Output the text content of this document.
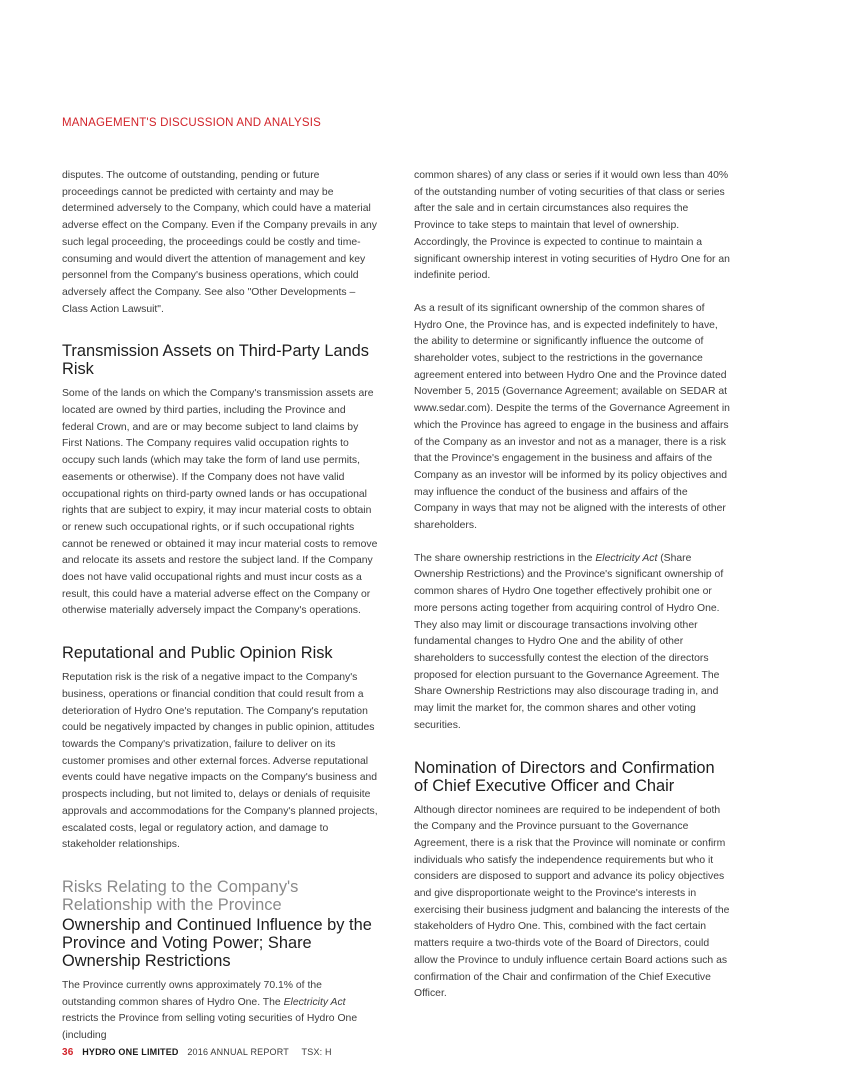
MANAGEMENT'S DISCUSSION AND ANALYSIS

disputes. The outcome of outstanding, pending or future proceedings cannot be predicted with certainty and may be determined adversely to the Company, which could have a material adverse effect on the Company. Even if the Company prevails in any such legal proceeding, the proceedings could be costly and time-consuming and would divert the attention of management and key personnel from the Company's business operations, which could adversely affect the Company. See also "Other Developments – Class Action Lawsuit".

Transmission Assets on Third-Party Lands Risk

Some of the lands on which the Company's transmission assets are located are owned by third parties, including the Province and federal Crown, and are or may become subject to land claims by First Nations. The Company requires valid occupation rights to occupy such lands (which may take the form of land use permits, easements or otherwise). If the Company does not have valid occupational rights on third-party owned lands or has occupational rights that are subject to expiry, it may incur material costs to obtain or renew such occupational rights, or if such occupational rights cannot be renewed or obtained it may incur material costs to remove and relocate its assets and restore the subject land. If the Company does not have valid occupational rights and must incur costs as a result, this could have a material adverse effect on the Company or otherwise materially adversely impact the Company's operations.

Reputational and Public Opinion Risk

Reputation risk is the risk of a negative impact to the Company's business, operations or financial condition that could result from a deterioration of Hydro One's reputation. The Company's reputation could be negatively impacted by changes in public opinion, attitudes towards the Company's privatization, failure to deliver on its customer promises and other external forces. Adverse reputational events could have negative impacts on the Company's business and prospects including, but not limited to, delays or denials of requisite approvals and accommodations for the Company's planned projects, escalated costs, legal or regulatory action, and damage to stakeholder relationships.

Risks Relating to the Company's Relationship with the Province
Ownership and Continued Influence by the Province and Voting Power; Share Ownership Restrictions

The Province currently owns approximately 70.1% of the outstanding common shares of Hydro One. The Electricity Act restricts the Province from selling voting securities of Hydro One (including

common shares) of any class or series if it would own less than 40% of the outstanding number of voting securities of that class or series after the sale and in certain circumstances also requires the Province to take steps to maintain that level of ownership. Accordingly, the Province is expected to continue to maintain a significant ownership interest in voting securities of Hydro One for an indefinite period.

As a result of its significant ownership of the common shares of Hydro One, the Province has, and is expected indefinitely to have, the ability to determine or significantly influence the outcome of shareholder votes, subject to the restrictions in the governance agreement entered into between Hydro One and the Province dated November 5, 2015 (Governance Agreement; available on SEDAR at www.sedar.com). Despite the terms of the Governance Agreement in which the Province has agreed to engage in the business and affairs of the Company as an investor and not as a manager, there is a risk that the Province's engagement in the business and affairs of the Company as an investor will be informed by its policy objectives and may influence the conduct of the business and affairs of the Company in ways that may not be aligned with the interests of other shareholders.

The share ownership restrictions in the Electricity Act (Share Ownership Restrictions) and the Province's significant ownership of common shares of Hydro One together effectively prohibit one or more persons acting together from acquiring control of Hydro One. They also may limit or discourage transactions involving other fundamental changes to Hydro One and the ability of other shareholders to successfully contest the election of the directors proposed for election pursuant to the Governance Agreement. The Share Ownership Restrictions may also discourage trading in, and may limit the market for, the common shares and other voting securities.

Nomination of Directors and Confirmation of Chief Executive Officer and Chair

Although director nominees are required to be independent of both the Company and the Province pursuant to the Governance Agreement, there is a risk that the Province will nominate or confirm individuals who satisfy the independence requirements but who it considers are disposed to support and advance its policy objectives and give disproportionate weight to the Province's interests in exercising their business judgment and balancing the interests of the stakeholders of Hydro One. This, combined with the fact certain matters require a two-thirds vote of the Board of Directors, could allow the Province to unduly influence certain Board actions such as confirmation of the Chair and confirmation of the Chief Executive Officer.

36 HYDRO ONE LIMITED 2016 ANNUAL REPORT TSX: H
